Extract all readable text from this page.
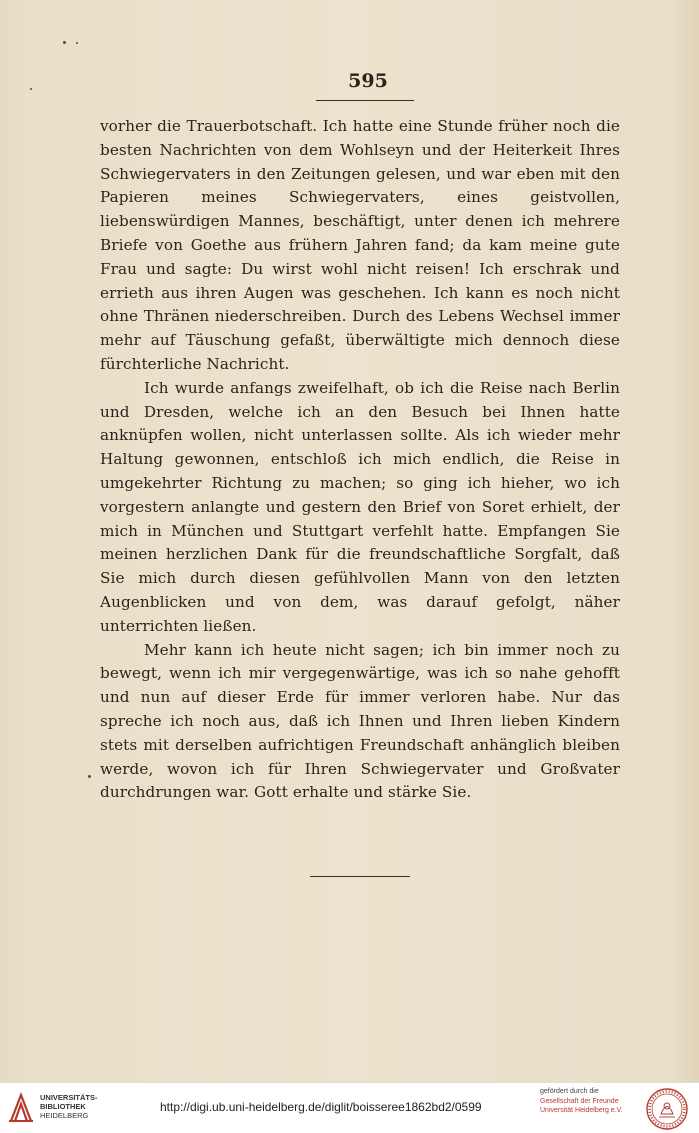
595

vorher die Trauerbotschaft. Ich hatte eine Stunde früher noch die besten Nachrichten von dem Wohlseyn und der Heiterkeit Ihres Schwiegervaters in den Zeitungen gelesen, und war eben mit den Papieren meines Schwiegervaters, eines geistvollen, liebenswürdigen Mannes, beschäftigt, unter denen ich mehrere Briefe von Goethe aus frühern Jahren fand; da kam meine gute Frau und sagte: Du wirst wohl nicht reisen! Ich erschrak und errieth aus ihren Augen was geschehen. Ich kann es noch nicht ohne Thränen niederschreiben. Durch des Lebens Wechsel immer mehr auf Täuschung gefaßt, überwältigte mich dennoch diese fürchterliche Nachricht.

Ich wurde anfangs zweifelhaft, ob ich die Reise nach Berlin und Dresden, welche ich an den Besuch bei Ihnen hatte anknüpfen wollen, nicht unterlassen sollte. Als ich wieder mehr Haltung gewonnen, entschloß ich mich endlich, die Reise in umgekehrter Richtung zu machen; so ging ich hieher, wo ich vorgestern anlangte und gestern den Brief von Soret erhielt, der mich in München und Stuttgart verfehlt hatte. Empfangen Sie meinen herzlichen Dank für die freundschaftliche Sorgfalt, daß Sie mich durch diesen gefühlvollen Mann von den letzten Augenblicken und von dem, was darauf gefolgt, näher unterrichten ließen.

Mehr kann ich heute nicht sagen; ich bin immer noch zu bewegt, wenn ich mir vergegenwärtige, was ich so nahe gehofft und nun auf dieser Erde für immer verloren habe. Nur das spreche ich noch aus, daß ich Ihnen und Ihren lieben Kindern stets mit derselben aufrichtigen Freundschaft anhänglich bleiben werde, wovon ich für Ihren Schwiegervater und Großvater durchdrungen war. Gott erhalte und stärke Sie.

UNIVERSITÄTS-
BIBLIOTHEK
HEIDELBERG
http://digi.ub.uni-heidelberg.de/diglit/boisseree1862bd2/0599
gefördert durch die
Gesellschaft der Freunde
Universität Heidelberg e.V.
